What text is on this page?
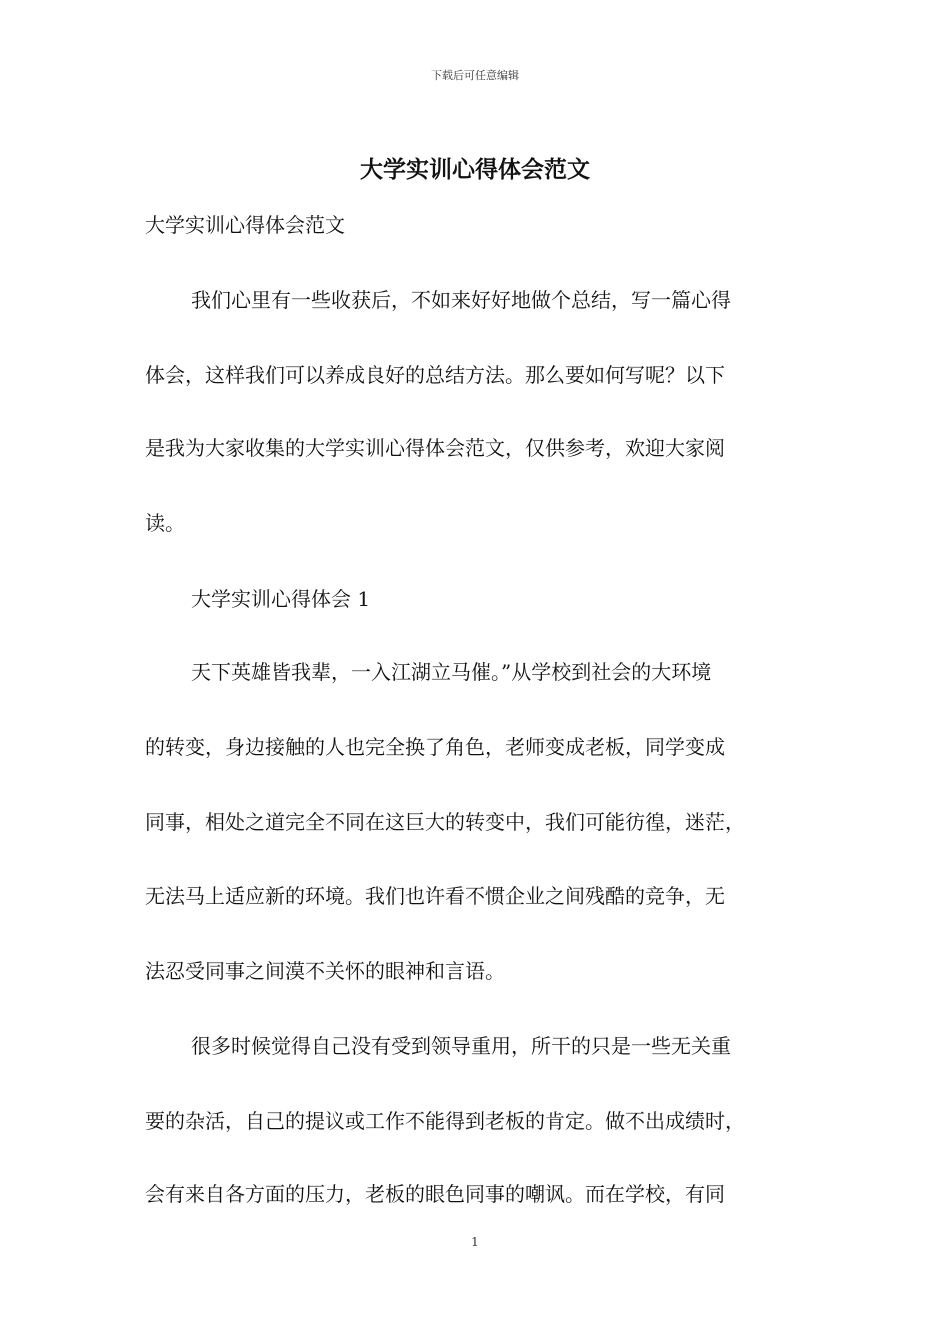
下载后可任意编辑
大学实训心得体会范文
大学实训心得体会范文
我们心里有一些收获后，不如来好好地做个总结，写一篇心得
体会，这样我们可以养成良好的总结方法。那么要如何写呢？以下
是我为大家收集的大学实训心得体会范文，仅供参考，欢迎大家阅
读。
大学实训心得体会 1
天下英雄皆我辈，一入江湖立马催。”从学校到社会的大环境
的转变，身边接触的人也完全换了角色，老师变成老板，同学变成
同事，相处之道完全不同在这巨大的转变中，我们可能彷徨，迷茫，
无法马上适应新的环境。我们也许看不惯企业之间残酷的竞争，无
法忍受同事之间漠不关怀的眼神和言语。
很多时候觉得自己没有受到领导重用，所干的只是一些无关重
要的杂活，自己的提议或工作不能得到老板的肯定。做不出成绩时，
会有来自各方面的压力，老板的眼色同事的嘲讽。而在学校，有同
1
